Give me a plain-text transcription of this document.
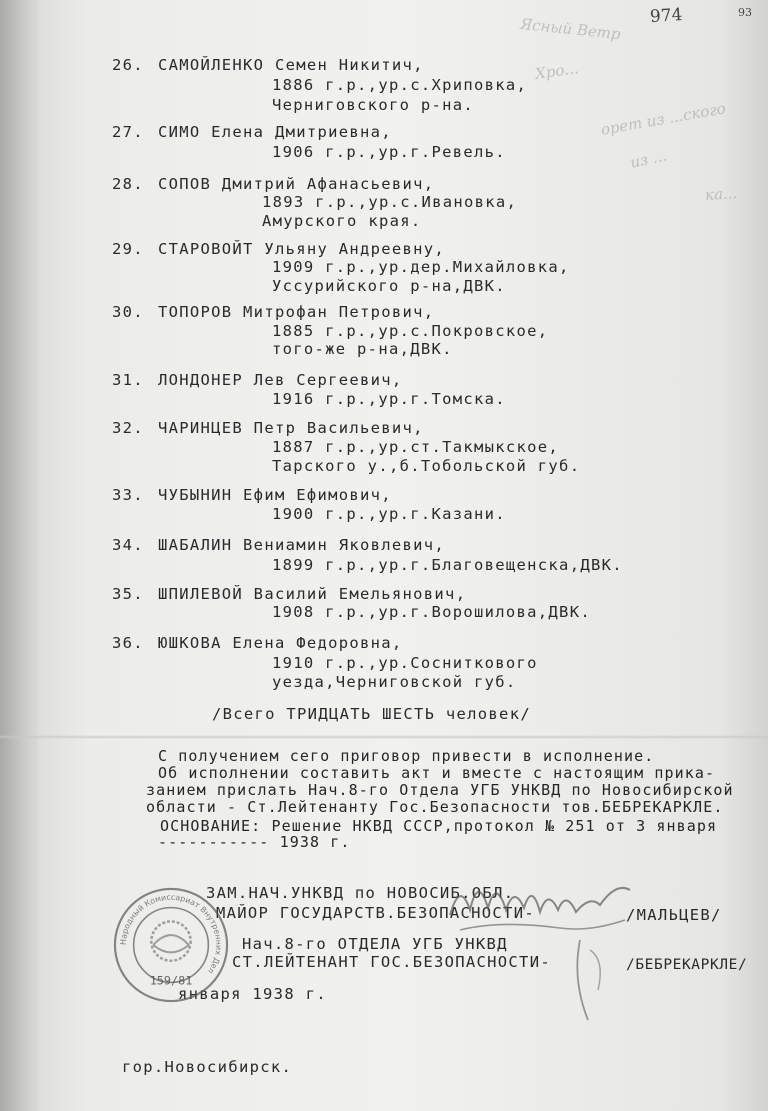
974	93
Ясный Ветр
Хро...
орет из ...ского
из ...
ка...
26. САМОЙЛЕНКО Семен Никитич,
1886 г.р.,ур.с.Хриповка,
Черниговского р-на.
27. СИМО Елена Дмитриевна,
1906 г.р.,ур.г.Ревель.
28. СОПОВ Дмитрий Афанасьевич,
1893 г.р.,ур.с.Ивановка,
Амурского края.
29. СТАРОВОЙТ Ульяну Андреевну,
1909 г.р.,ур.дер.Михайловка,
Уссурийского р-на,ДВК.
30. ТОПОРОВ Митрофан Петрович,
1885 г.р.,ур.с.Покровское,
того-же р-на,ДВК.
31. ЛОНДОНЕР Лев Сергеевич,
1916 г.р.,ур.г.Томска.
32. ЧАРИНЦЕВ Петр Васильевич,
1887 г.р.,ур.ст.Такмыкское,
Тарского у.,б.Тобольской губ.
33. ЧУБЫНИН Ефим Ефимович,
1900 г.р.,ур.г.Казани.
34. ШАБАЛИН Вениамин Яковлевич,
1899 г.р.,ур.г.Благовещенска,ДВК.
35. ШПИЛЕВОЙ Василий Емельянович,
1908 г.р.,ур.г.Ворошилова,ДВК.
36. ЮШКОВА Елена Федоровна,
1910 г.р.,ур.Сосниткового
уезда,Черниговской губ.
/Всего ТРИДЦАТЬ ШЕСТЬ человек/
С получением сего приговор привести в исполнение.
Об исполнении составить акт и вместе с настоящим прика-
занием прислать Нач.8-го Отдела УГБ УНКВД по Новосибирской
области - Ст.Лейтенанту Гос.Безопасности тов.БЕБРЕКАРКЛЕ.
ОСНОВАНИЕ: Решение НКВД СССР,протокол № 251 от 3 января
----------- 1938 г.
ЗАМ.НАЧ.УНКВД по НОВОСИБ.ОБЛ.
МАЙОР ГОСУДАРСТВ.БЕЗОПАСНОСТИ-	/МАЛЬЦЕВ/
Нач.8-го ОТДЕЛА УГБ УНКВД
СТ.ЛЕЙТЕНАНТ ГОС.БЕЗОПАСНОСТИ-	/БЕБРЕКАРКЛЕ/
января 1938 г.
гор.Новосибирск.
Народный Комиссариат Внутренних Дел
159/81
